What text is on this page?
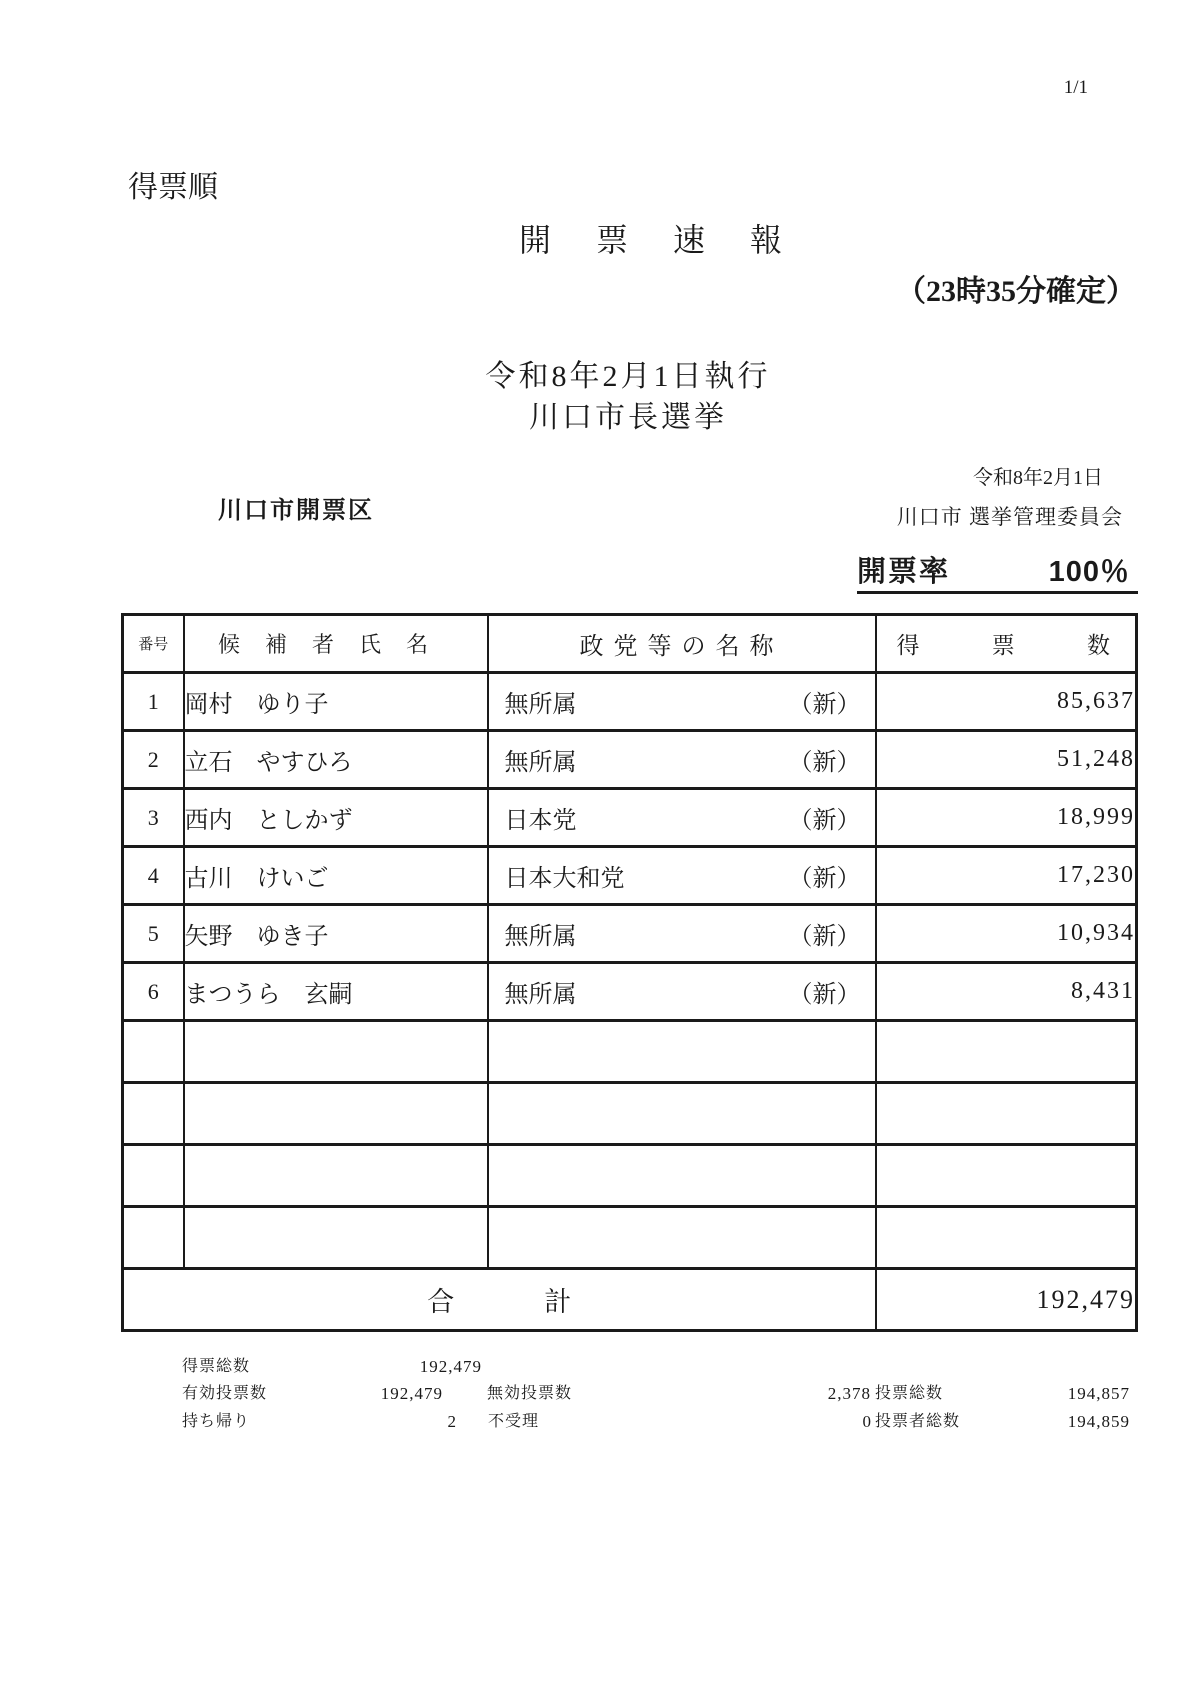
1/1
得票順
開票速報
（23時35分確定）
令和8年2月1日執行
川口市長選挙
令和8年2月1日
川口市開票区	川口市 選挙管理委員会
開票率	100％
番号	候補者氏名	政党等の名称	得 票 数

1	岡村　ゆり子	無所属 （新）	85,637
2	立石　やすひろ	無所属 （新）	51,248
3	西内　としかず	日本党 （新）	18,999
4	古川　けいご	日本大和党 （新）	17,230
5	矢野　ゆき子	無所属 （新）	10,934
6	まつうら　玄嗣	無所属 （新）	8,431

合 計			192,479
得票総数	192,479
有効投票数	192,479	無効投票数	2,378 投票総数	194,857
持ち帰り	2 不受理	0 投票者総数	194,859
